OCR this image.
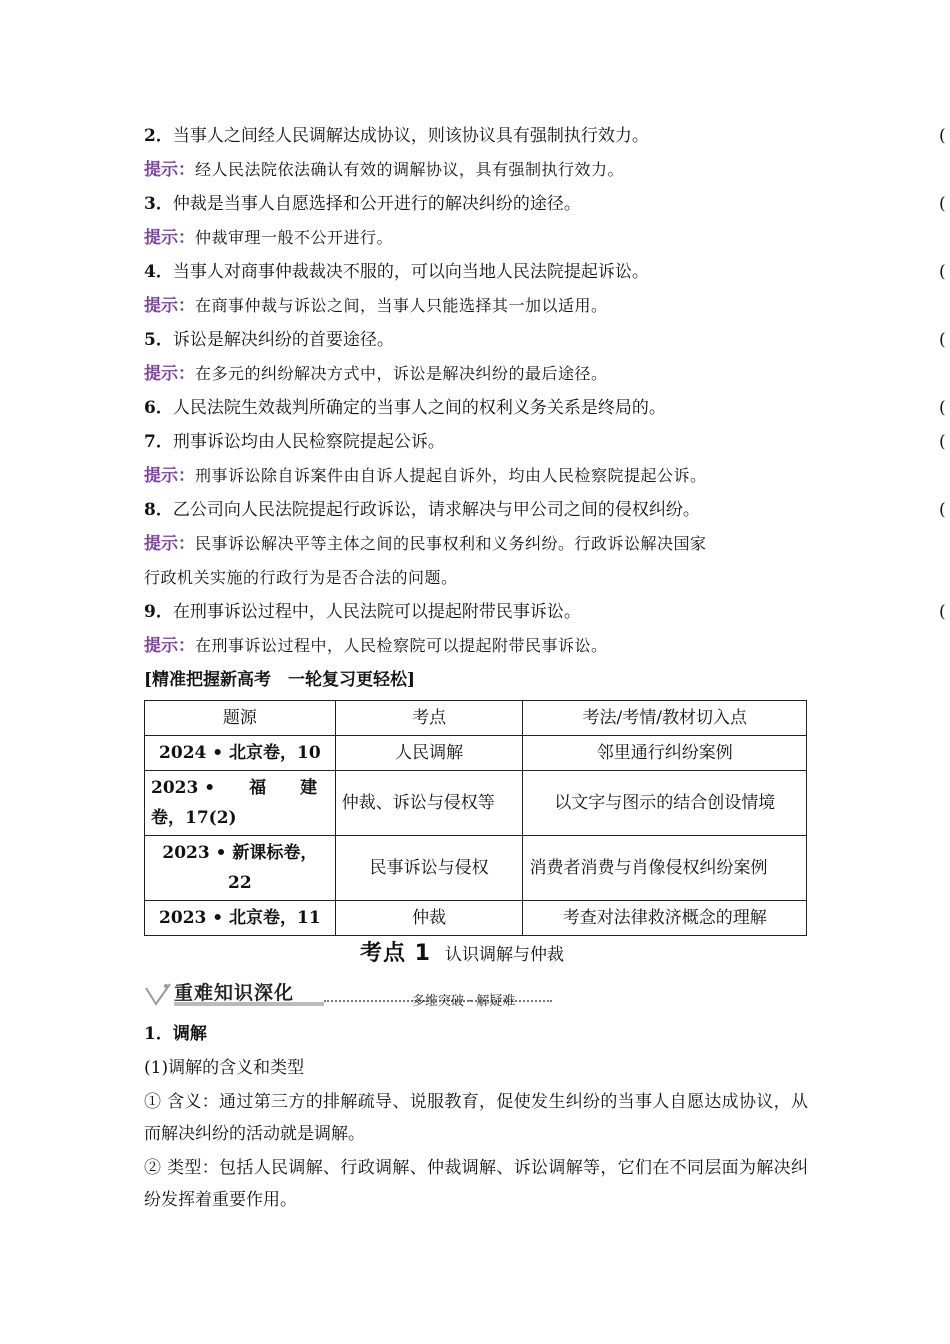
2．当事人之间经人民调解达成协议，则该协议具有强制执行效力。	(
提示：经人民法院依法确认有效的调解协议，具有强制执行效力。
3．仲裁是当事人自愿选择和公开进行的解决纠纷的途径。	(
提示：仲裁审理一般不公开进行。
4．当事人对商事仲裁裁决不服的，可以向当地人民法院提起诉讼。	(
提示：在商事仲裁与诉讼之间，当事人只能选择其一加以适用。
5．诉讼是解决纠纷的首要途径。	(
提示：在多元的纠纷解决方式中，诉讼是解决纠纷的最后途径。
6．人民法院生效裁判所确定的当事人之间的权利义务关系是终局的。	(
7．刑事诉讼均由人民检察院提起公诉。	(
提示：刑事诉讼除自诉案件由自诉人提起自诉外，均由人民检察院提起公诉。
8．乙公司向人民法院提起行政诉讼，请求解决与甲公司之间的侵权纠纷。	(
提示：民事诉讼解决平等主体之间的民事权利和义务纠纷。行政诉讼解决国家
行政机关实施的行政行为是否合法的问题。
9．在刑事诉讼过程中，人民法院可以提起附带民事诉讼。	(
提示：在刑事诉讼过程中，人民检察院可以提起附带民事诉讼。
[精准把握新高考　一轮复习更轻松]
题源	考点	考法/考情/教材切入点
2024 • 北京卷，10	人民调解	邻里通行纠纷案例
2023 •　　福　　建卷，17(2)	仲裁、诉讼与侵权等	以文字与图示的结合创设情境
2023 • 新课标卷，22	民事诉讼与侵权	消费者消费与肖像侵权纠纷案例
2023 • 北京卷，11	仲裁	考查对法律救济概念的理解
考点 1 认识调解与仲裁
重难知识深化	多维突破 · 解疑难
1．调解
(1)调解的含义和类型
① 含义：通过第三方的排解疏导、说服教育，促使发生纠纷的当事人自愿达成协议，从而解决纠纷的活动就是调解。
② 类型：包括人民调解、行政调解、仲裁调解、诉讼调解等，它们在不同层面为解决纠纷发挥着重要作用。
